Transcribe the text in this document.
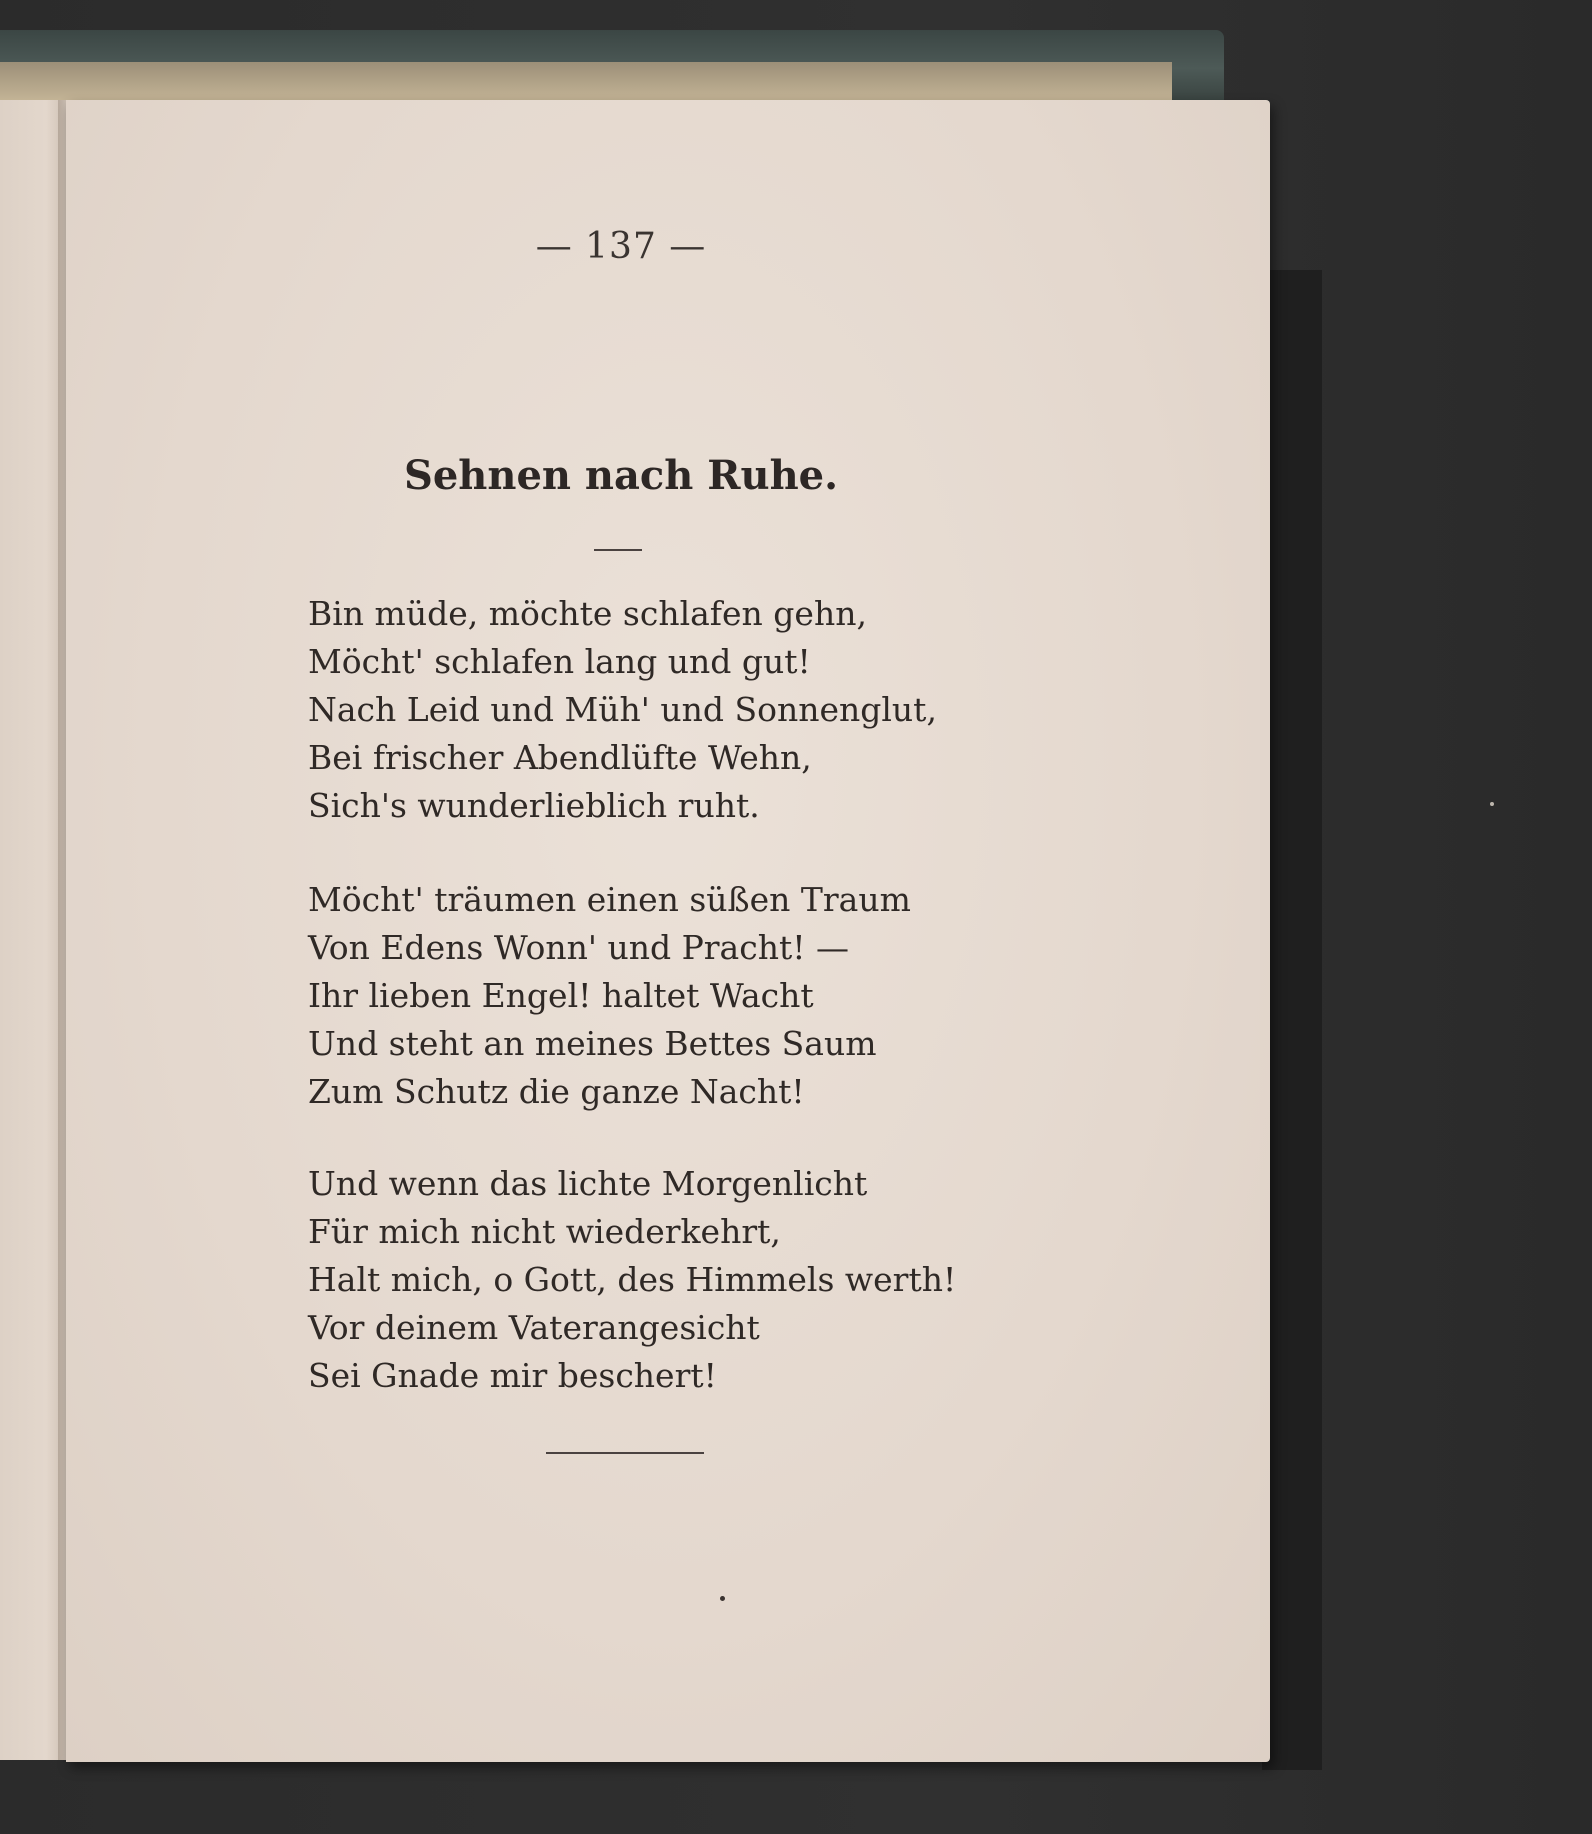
— 137 —
Sehnen nach Ruhe.
Bin müde, möchte schlafen gehn,
Möcht' schlafen lang und gut!
Nach Leid und Müh' und Sonnenglut,
Bei frischer Abendlüfte Wehn,
Sich's wunderlieblich ruht.
Möcht' träumen einen süßen Traum
Von Edens Wonn' und Pracht! —
Ihr lieben Engel! haltet Wacht
Und steht an meines Bettes Saum
Zum Schutz die ganze Nacht!
Und wenn das lichte Morgenlicht
Für mich nicht wiederkehrt,
Halt mich, o Gott, des Himmels werth!
Vor deinem Vaterangesicht
Sei Gnade mir beschert!
